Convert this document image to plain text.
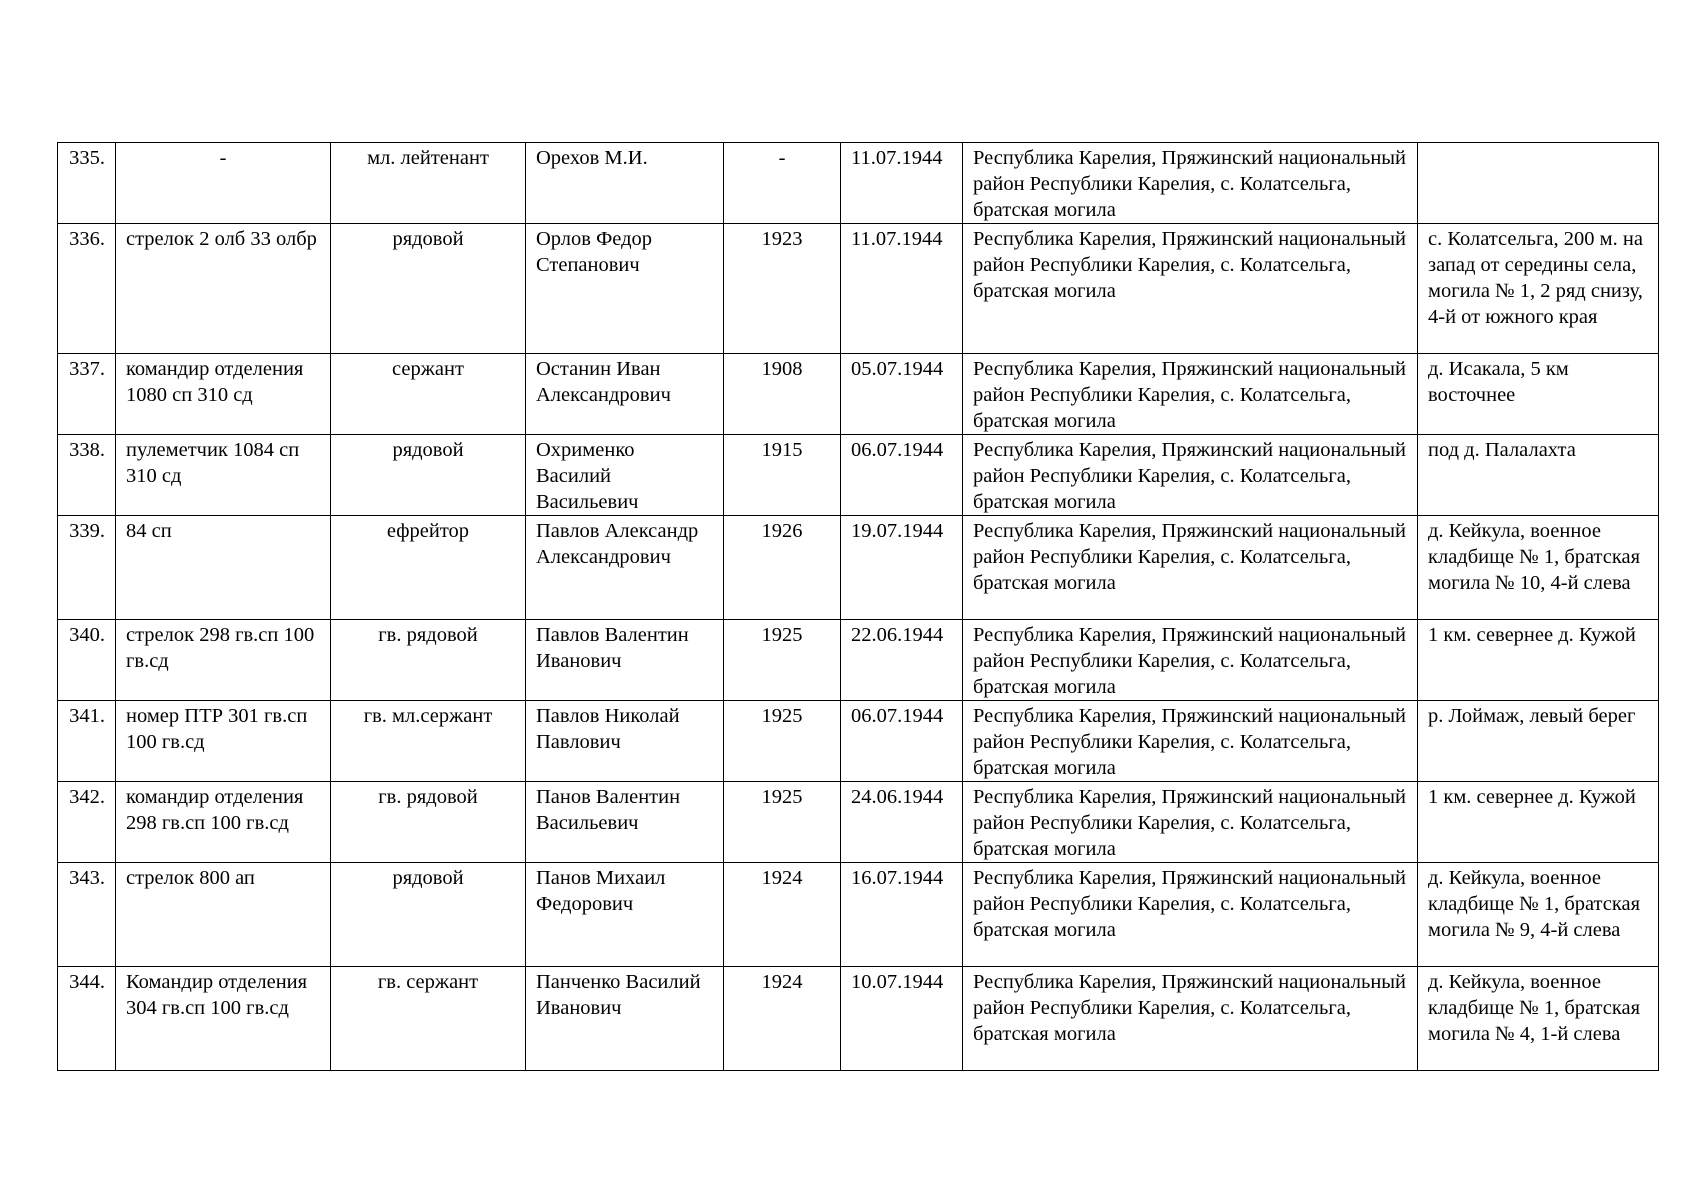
335.	-	мл. лейтенант	Орехов М.И.	-	11.07.1944	Республика Карелия, Пряжинский национальный район Республики Карелия, с. Колатсельга, братская могила	
336.	стрелок 2 олб 33 олбр	рядовой	Орлов Федор Степанович	1923	11.07.1944	Республика Карелия, Пряжинский национальный район Республики Карелия, с. Колатсельга, братская могила	с. Колатсельга, 200 м. на запад от середины села, могила № 1, 2 ряд снизу, 4-й от южного края
337.	командир отделения 1080 сп 310 сд	сержант	Останин Иван Александрович	1908	05.07.1944	Республика Карелия, Пряжинский национальный район Республики Карелия, с. Колатсельга, братская могила	д. Исакала, 5 км восточнее
338.	пулеметчик 1084 сп 310 сд	рядовой	Охрименко Василий Васильевич	1915	06.07.1944	Республика Карелия, Пряжинский национальный район Республики Карелия, с. Колатсельга, братская могила	под д. Палалахта
339.	84 сп	ефрейтор	Павлов Александр Александрович	1926	19.07.1944	Республика Карелия, Пряжинский национальный район Республики Карелия, с. Колатсельга, братская могила	д. Кейкула, военное кладбище № 1, братская могила № 10, 4-й слева
340.	стрелок 298 гв.сп 100 гв.сд	гв. рядовой	Павлов Валентин Иванович	1925	22.06.1944	Республика Карелия, Пряжинский национальный район Республики Карелия, с. Колатсельга, братская могила	1 км. севернее д. Кужой
341.	номер ПТР 301 гв.сп 100 гв.сд	гв. мл.сержант	Павлов Николай Павлович	1925	06.07.1944	Республика Карелия, Пряжинский национальный район Республики Карелия, с. Колатсельга, братская могила	р. Лоймаж, левый берег
342.	командир отделения 298 гв.сп 100 гв.сд	гв. рядовой	Панов Валентин Васильевич	1925	24.06.1944	Республика Карелия, Пряжинский национальный район Республики Карелия, с. Колатсельга, братская могила	1 км. севернее д. Кужой
343.	стрелок 800 ап	рядовой	Панов Михаил Федорович	1924	16.07.1944	Республика Карелия, Пряжинский национальный район Республики Карелия, с. Колатсельга, братская могила	д. Кейкула, военное кладбище № 1, братская могила № 9, 4-й слева
344.	Командир отделения 304 гв.сп 100 гв.сд	гв. сержант	Панченко Василий Иванович	1924	10.07.1944	Республика Карелия, Пряжинский национальный район Республики Карелия, с. Колатсельга, братская могила	д. Кейкула, военное кладбище № 1, братская могила № 4, 1-й слева
